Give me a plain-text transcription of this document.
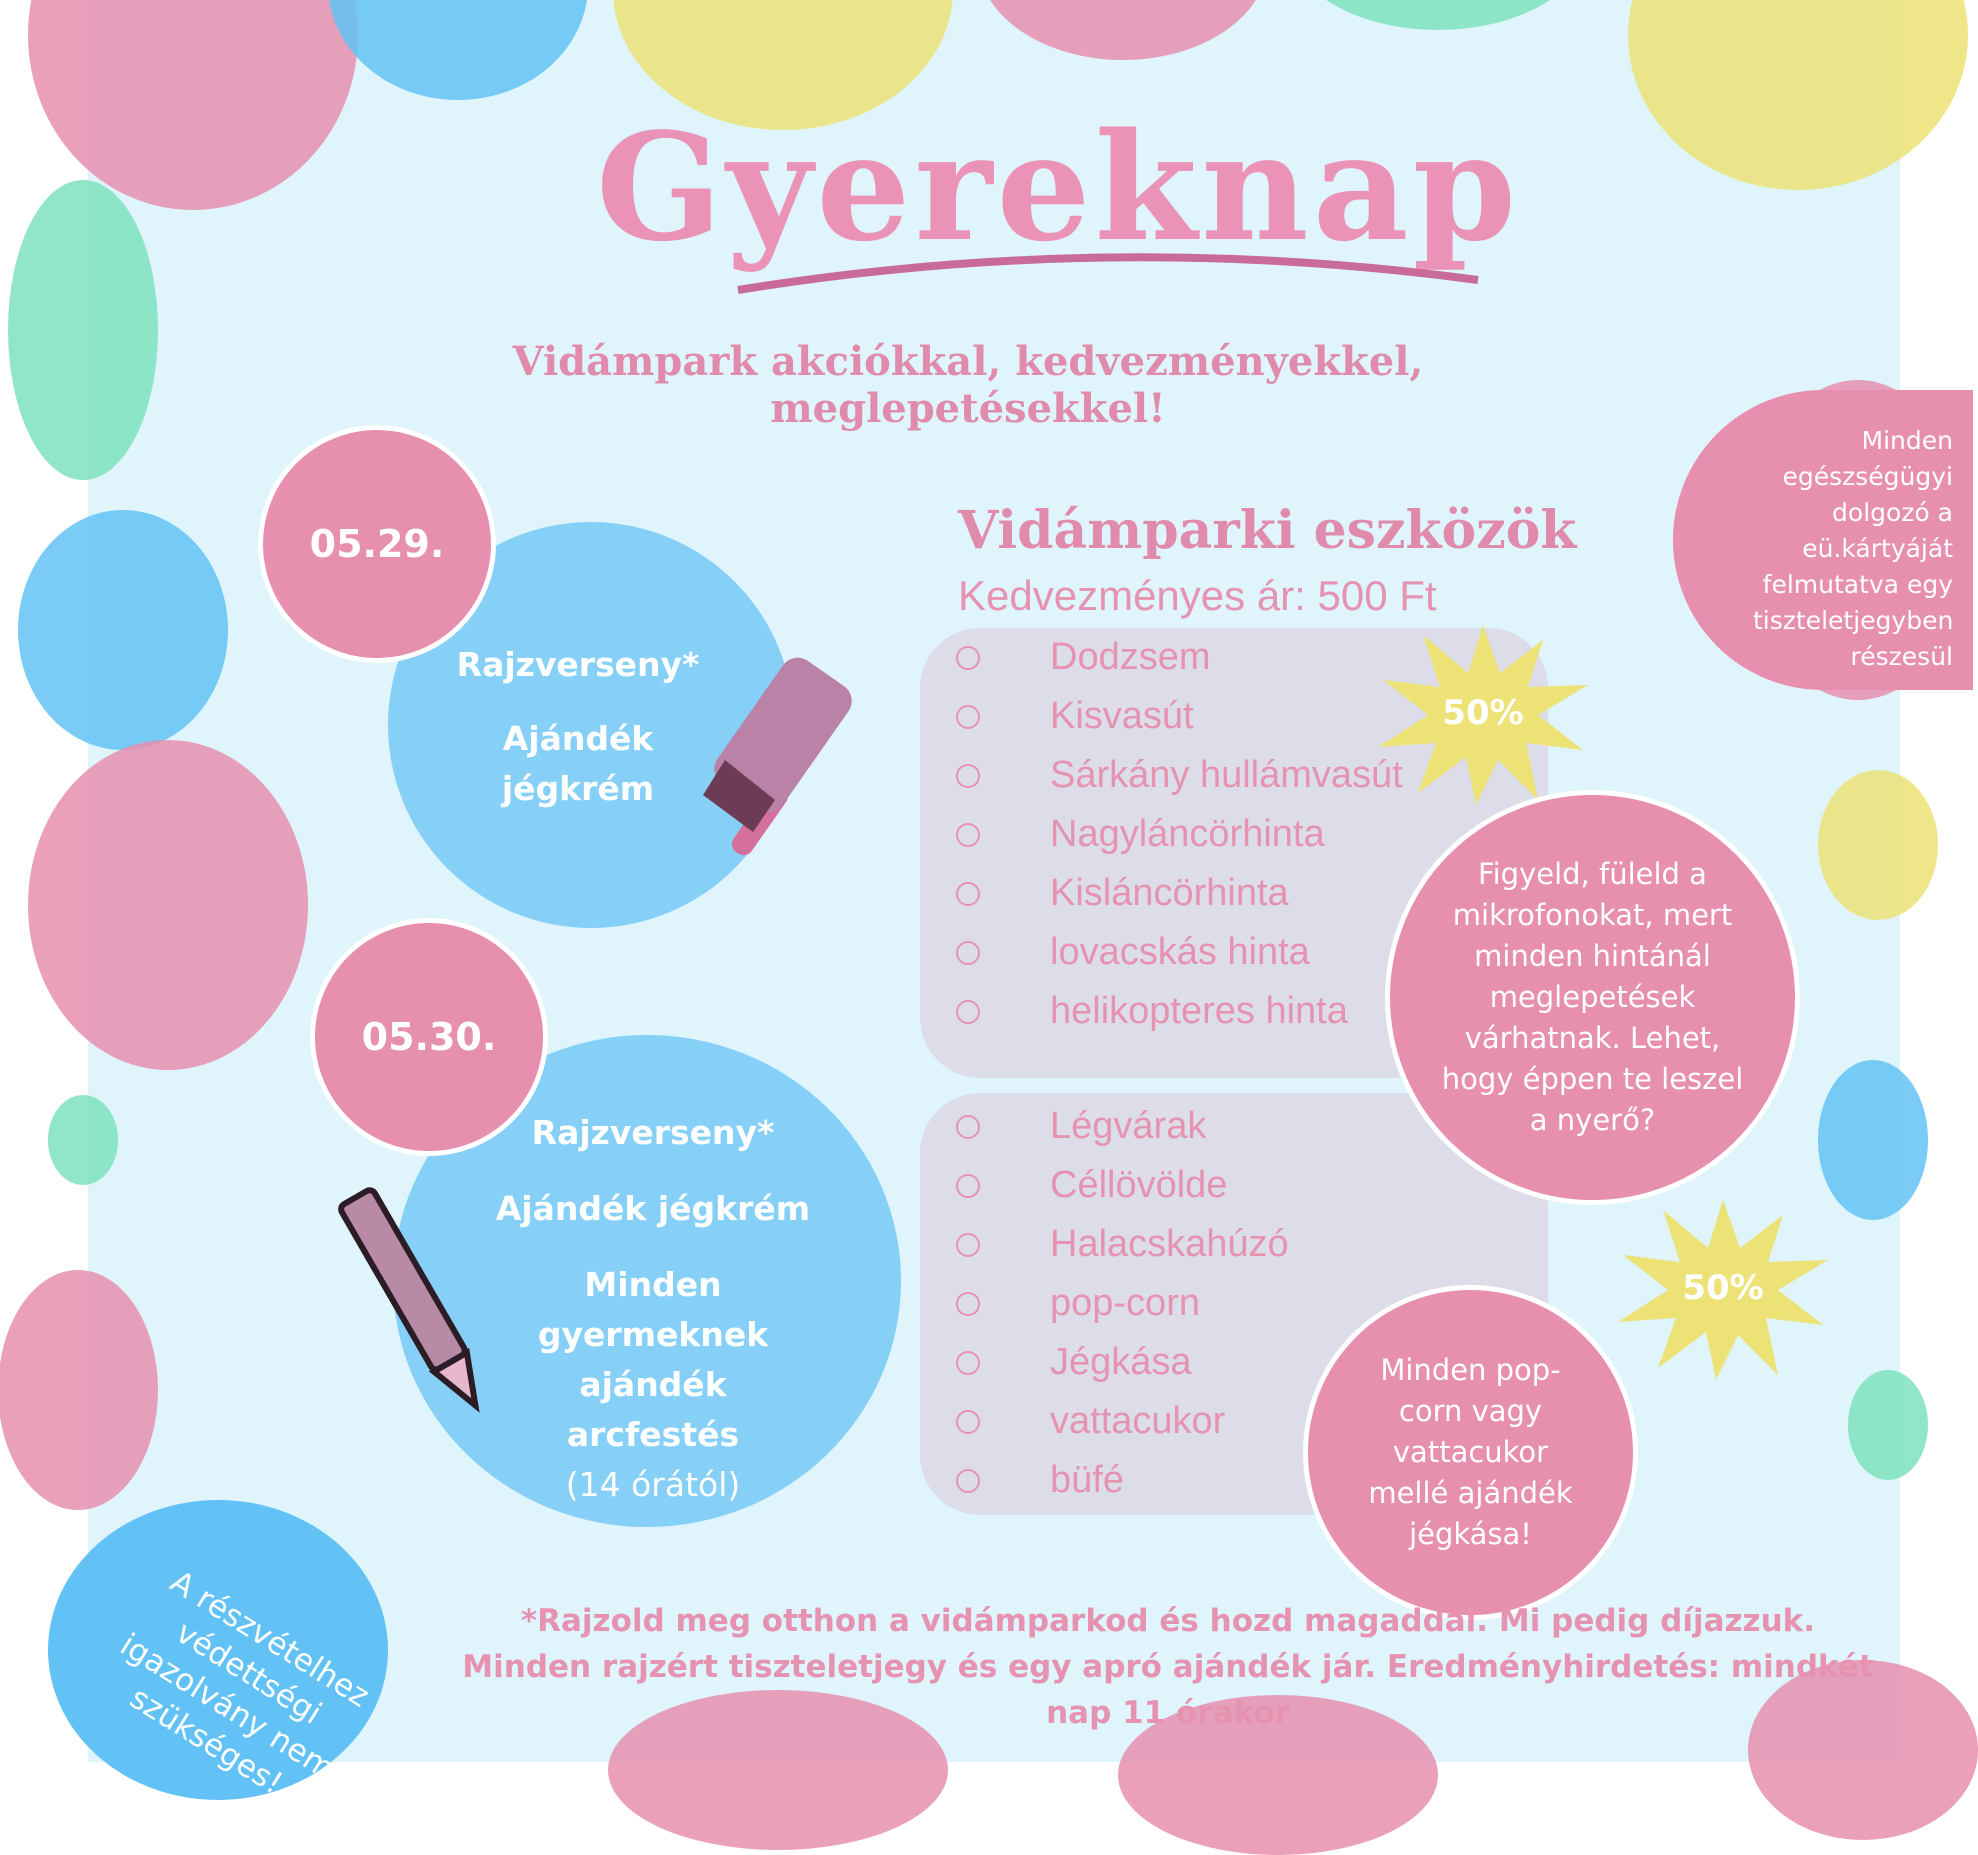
Gyereknap
Vidámpark akciókkal, kedvezményekkel, meglepetésekkel!
05.29.
Rajzverseny*
Ajándék
jégkrém
05.30.
Rajzverseny*
Ajándék jégkrém
Minden
gyermeknek
ajándék arcfestés
(14 órától)
Vidámparki eszközök
Kedvezményes ár: 500 Ft
Dodzsem
Kisvasút
Sárkány hullámvasút
Nagyláncörhinta
Kisláncörhinta
lovacskás hinta
helikopteres hinta
Légvárak
Céllövölde
Halacskahúzó
pop-corn
Jégkása
vattacukor
büfé
50%
50%
Minden egészségügyi dolgozó a eü.kártyáját felmutatva egy tiszteletjegyben részesül
Figyeld, füleld a mikrofonokat, mert minden hintánál meglepetések várhatnak. Lehet, hogy éppen te leszel a nyerő?
Minden pop-corn vagy vattacukor mellé ajándék jégkása!
A részvételhez védettségi igazolvány nem szükséges!
*Rajzold meg otthon a vidámparkod és hozd magaddal. Mi pedig díjazzuk. Minden rajzért tiszteletjegy és egy apró ajándék jár. Eredményhirdetés: mindkét nap 11 órakor
